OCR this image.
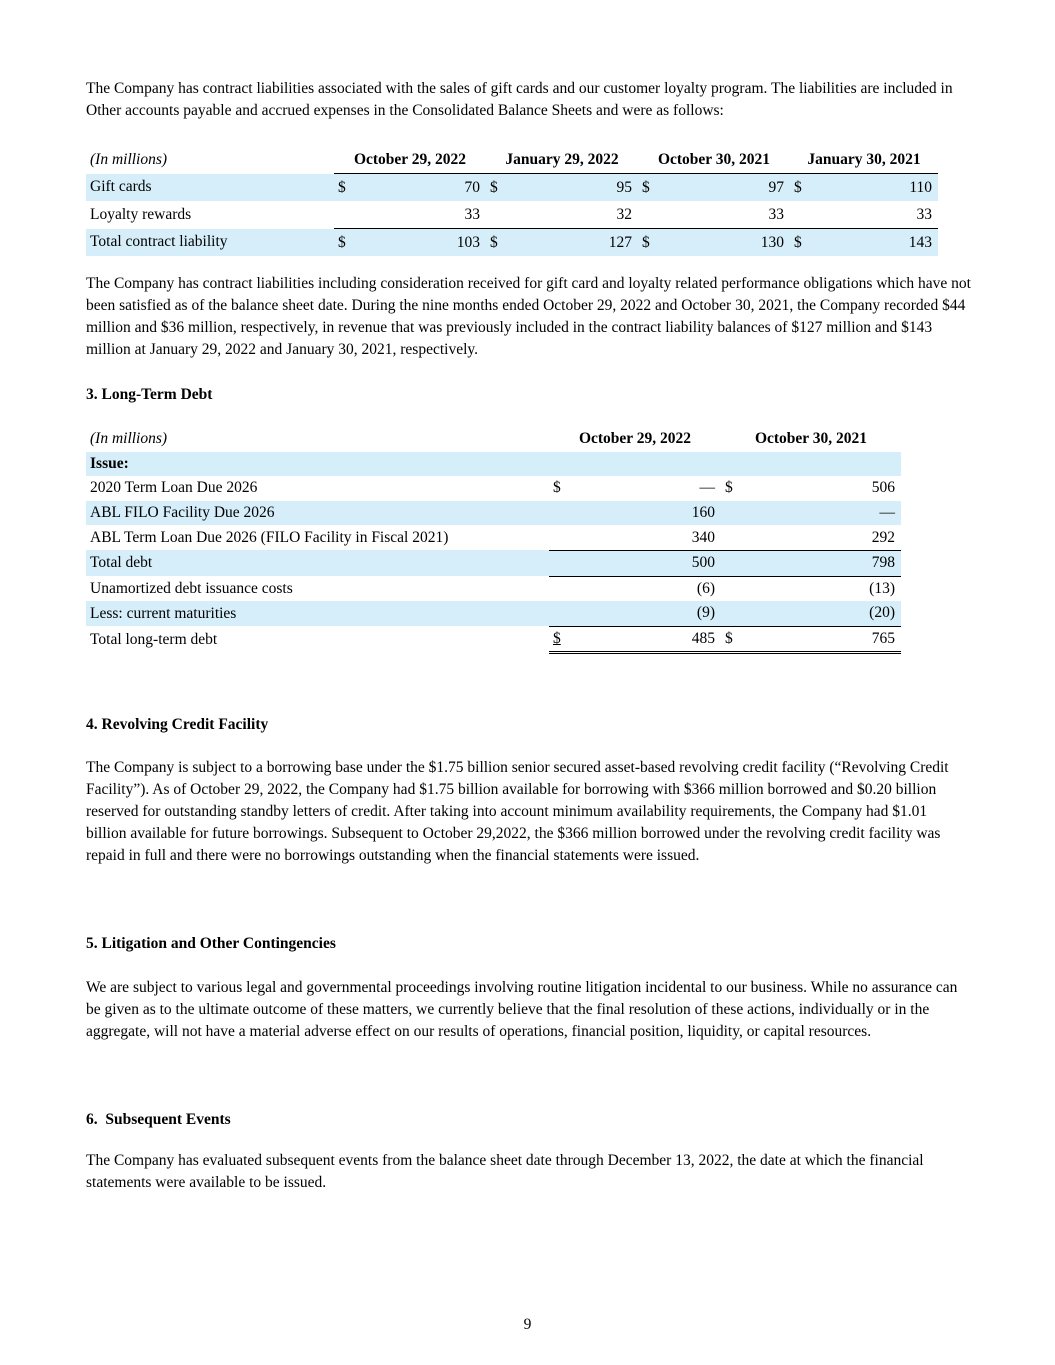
The Company has contract liabilities associated with the sales of gift cards and our customer loyalty program. The liabilities are included in Other accounts payable and accrued expenses in the Consolidated Balance Sheets and were as follows:

(In millions)	October 29, 2022		January 29, 2022		October 30, 2021		January 30, 2021	
Gift cards	$	70	$	95	$	97	$	110
Loyalty rewards		33		32		33		33
Total contract liability	$	103	$	127	$	130	$	143

The Company has contract liabilities including consideration received for gift card and loyalty related performance obligations which have not been satisfied as of the balance sheet date. During the nine months ended October 29, 2022 and October 30, 2021, the Company recorded $44 million and $36 million, respectively, in revenue that was previously included in the contract liability balances of $127 million and $143 million at January 29, 2022 and January 30, 2021, respectively.

3. Long-Term Debt

(In millions)	October 29, 2022		October 30, 2021	
Issue:				
2020 Term Loan Due 2026	$	—	$	506
ABL FILO Facility Due 2026		160		—
ABL Term Loan Due 2026 (FILO Facility in Fiscal 2021)		340		292
Total debt		500		798
Unamortized debt issuance costs		(6)		(13)
Less: current maturities		(9)		(20)
Total long-term debt	$	485	$	765

4. Revolving Credit Facility

The Company is subject to a borrowing base under the $1.75 billion senior secured asset-based revolving credit facility (“Revolving Credit Facility”). As of October 29, 2022, the Company had $1.75 billion available for borrowing with $366 million borrowed and $0.20 billion reserved for outstanding standby letters of credit. After taking into account minimum availability requirements, the Company had $1.01 billion available for future borrowings. Subsequent to October 29,2022, the $366 million borrowed under the revolving credit facility was repaid in full and there were no borrowings outstanding when the financial statements were issued.

5. Litigation and Other Contingencies

We are subject to various legal and governmental proceedings involving routine litigation incidental to our business. While no assurance can be given as to the ultimate outcome of these matters, we currently believe that the final resolution of these actions, individually or in the aggregate, will not have a material adverse effect on our results of operations, financial position, liquidity, or capital resources.

6.  Subsequent Events

The Company has evaluated subsequent events from the balance sheet date through December 13, 2022, the date at which the financial statements were available to be issued.

9
